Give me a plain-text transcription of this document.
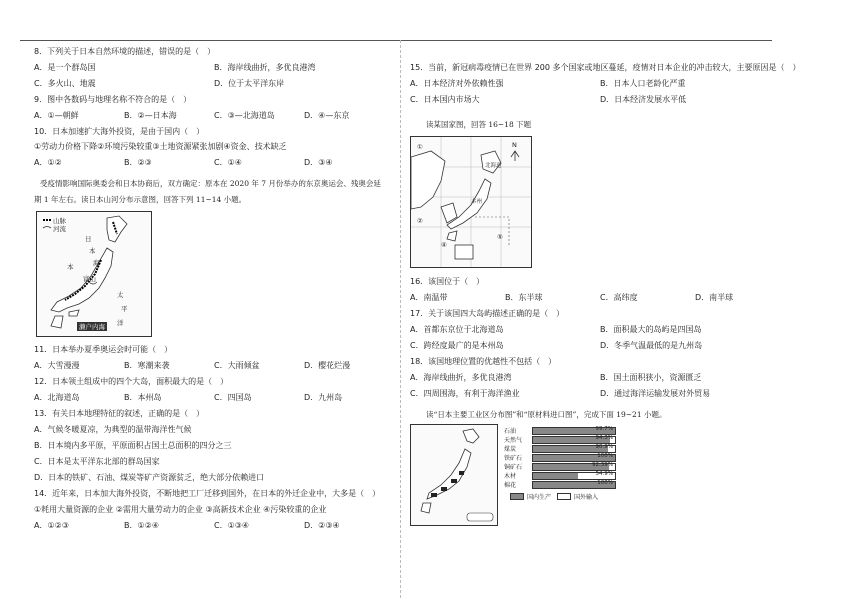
8．下列关于日本自然环境的描述，错误的是（　）

A．是一个群岛国	B．海岸线曲折，多优良港湾
C．多火山、地震	D．位于太平洋东岸

9．图中各数码与地理名称不符合的是（　）

A．①—朝鲜	B．②—日本海	C．③—北海道岛	D．④—东京

10．日本加速扩大海外投资，是由于国内（　）

①劳动力价格下降②环境污染较重③土地资源紧张加剧④资金、技术缺乏

A．①②	B．②③	C．①④	D．③④

受疫情影响国际奥委会和日本协商后，双方确定：原本在 2020 年 7 月份举办的东京奥运会、残奥会延

期 1 年左右。读日本山河分布示意图，回答下列 11~14 小题。

山脉
河流
日
本
海
本
富山
太
平
洋
濑户内海

11．日本举办夏季奥运会时可能（　）

A．大雪漫漫	B．寒潮来袭	C．大雨倾盆	D．樱花烂漫

12．日本领土组成中的四个大岛，面积最大的是（　）

A．北海道岛	B．本州岛	C．四国岛	D．九州岛

13．有关日本地理特征的叙述，正确的是（　）

A．气候冬暖夏凉，为典型的温带海洋性气候

B．日本境内多平原，平原面积占国土总面积的四分之三

C．日本是太平洋东北部的群岛国家

D．日本的铁矿、石油、煤炭等矿产资源贫乏，绝大部分依赖进口

14．近年来，日本加大海外投资，不断地把工厂迁移到国外，在日本的外迁企业中，大多是（　）

①耗用大量资源的企业 ②需用大量劳动力的企业 ③高新技术企业 ④污染较重的企业

A．①②③	B．①②④	C．①③④	D．②③④

15．当前，新冠病毒疫情已在世界 200 多个国家或地区蔓延，疫情对日本企业的冲击较大，主要原因是（　）

A．日本经济对外依赖性强	B．日本人口老龄化严重
C．日本国内市场大	D．日本经济发展水平低

读某国家图，回答 16~18 下题

①
②
北海道
本州
④
⑤
N

16．该国位于（　）

A．南温带	B．东半球	C．高纬度	D．南半球

17．关于该国四大岛屿描述正确的是（　）

A．首都东京位于北海道岛	B．面积最大的岛屿是四国岛
C．跨经度最广的是本州岛	D．冬季气温最低的是九州岛

18．该国地理位置的优越性不包括（　）

A．海岸线曲折，多优良港湾	B．国土面积狭小，资源匮乏
C．四周围海，有利于海洋渔业	D．通过海洋运输发展对外贸易

读“日本主要工业区分布图”和“原材料进口图”，完成下面 19~21 小题。

石油	99.7%
天然气	94.3%
煤炭	90.9%
铁矿石	100%
铜矿石	92.39%
木材	54.9%
棉花	100%
国内生产	国外输入
